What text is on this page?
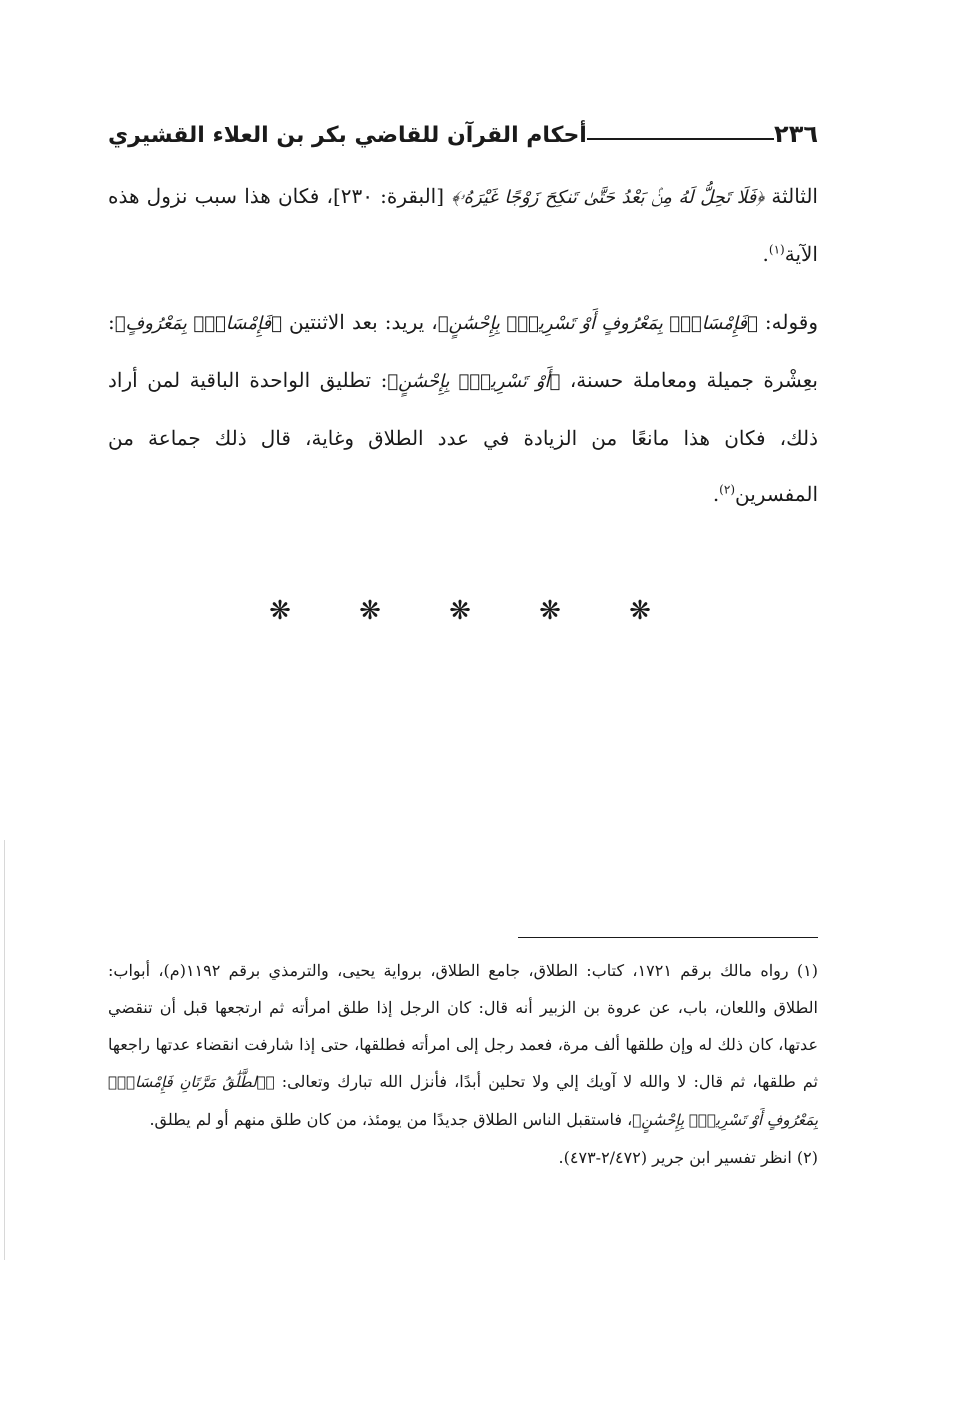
٢٣٦
أحكام القرآن للقاضي بكر بن العلاء القشيري

الثالثة ﴿فَلَا تَحِلُّ لَهُ مِنۢ بَعْدُ حَتَّىٰ تَنكِحَ زَوْجًا غَيْرَهُۥ﴾ [البقرة: ٢٣٠]، فكان هذا سبب نزول هذه الآية$^{(١)}$.

وقوله: ﴿فَإِمْسَاكٌۢ بِمَعْرُوفٍ أَوْ تَسْرِيحٌۢ بِإِحْسَٰنٍ﴾، يريد: بعد الاثنتين ﴿فَإِمْسَاكٌۢ بِمَعْرُوفٍ﴾: بعِشْرة جميلة ومعاملة حسنة، ﴿أَوْ تَسْرِيحٌۢ بِإِحْسَٰنٍ﴾: تطليق الواحدة الباقية لمن أراد ذلك، فكان هذا مانعًا من الزيادة في عدد الطلاق وغاية، قال ذلك جماعة من المفسرين$^{(٢)}$.

❋
❋
❋
❋
❋

(١) رواه مالك برقم ١٧٢١، كتاب: الطلاق، جامع الطلاق، برواية يحيى، والترمذي برقم ١١٩٢(م)، أبواب: الطلاق واللعان، باب، عن عروة بن الزبير أنه قال: كان الرجل إذا طلق امرأته ثم ارتجعها قبل أن تنقضي عدتها، كان ذلك له وإن طلقها ألف مرة، فعمد رجل إلى امرأته فطلقها، حتى إذا شارفت انقضاء عدتها راجعها ثم طلقها، ثم قال: لا والله لا آويك إلي ولا تحلين أبدًا، فأنزل الله تبارك وتعالى: ﴿ٱلطَّلَٰقُ مَرَّتَانِ فَإِمْسَاكٌۢ بِمَعْرُوفٍ أَوْ تَسْرِيحٌۢ بِإِحْسَٰنٍ﴾، فاستقبل الناس الطلاق جديدًا من يومئذ، من كان طلق منهم أو لم يطلق.

(٢) انظر تفسير ابن جرير (٢/٤٧٢-٤٧٣).
